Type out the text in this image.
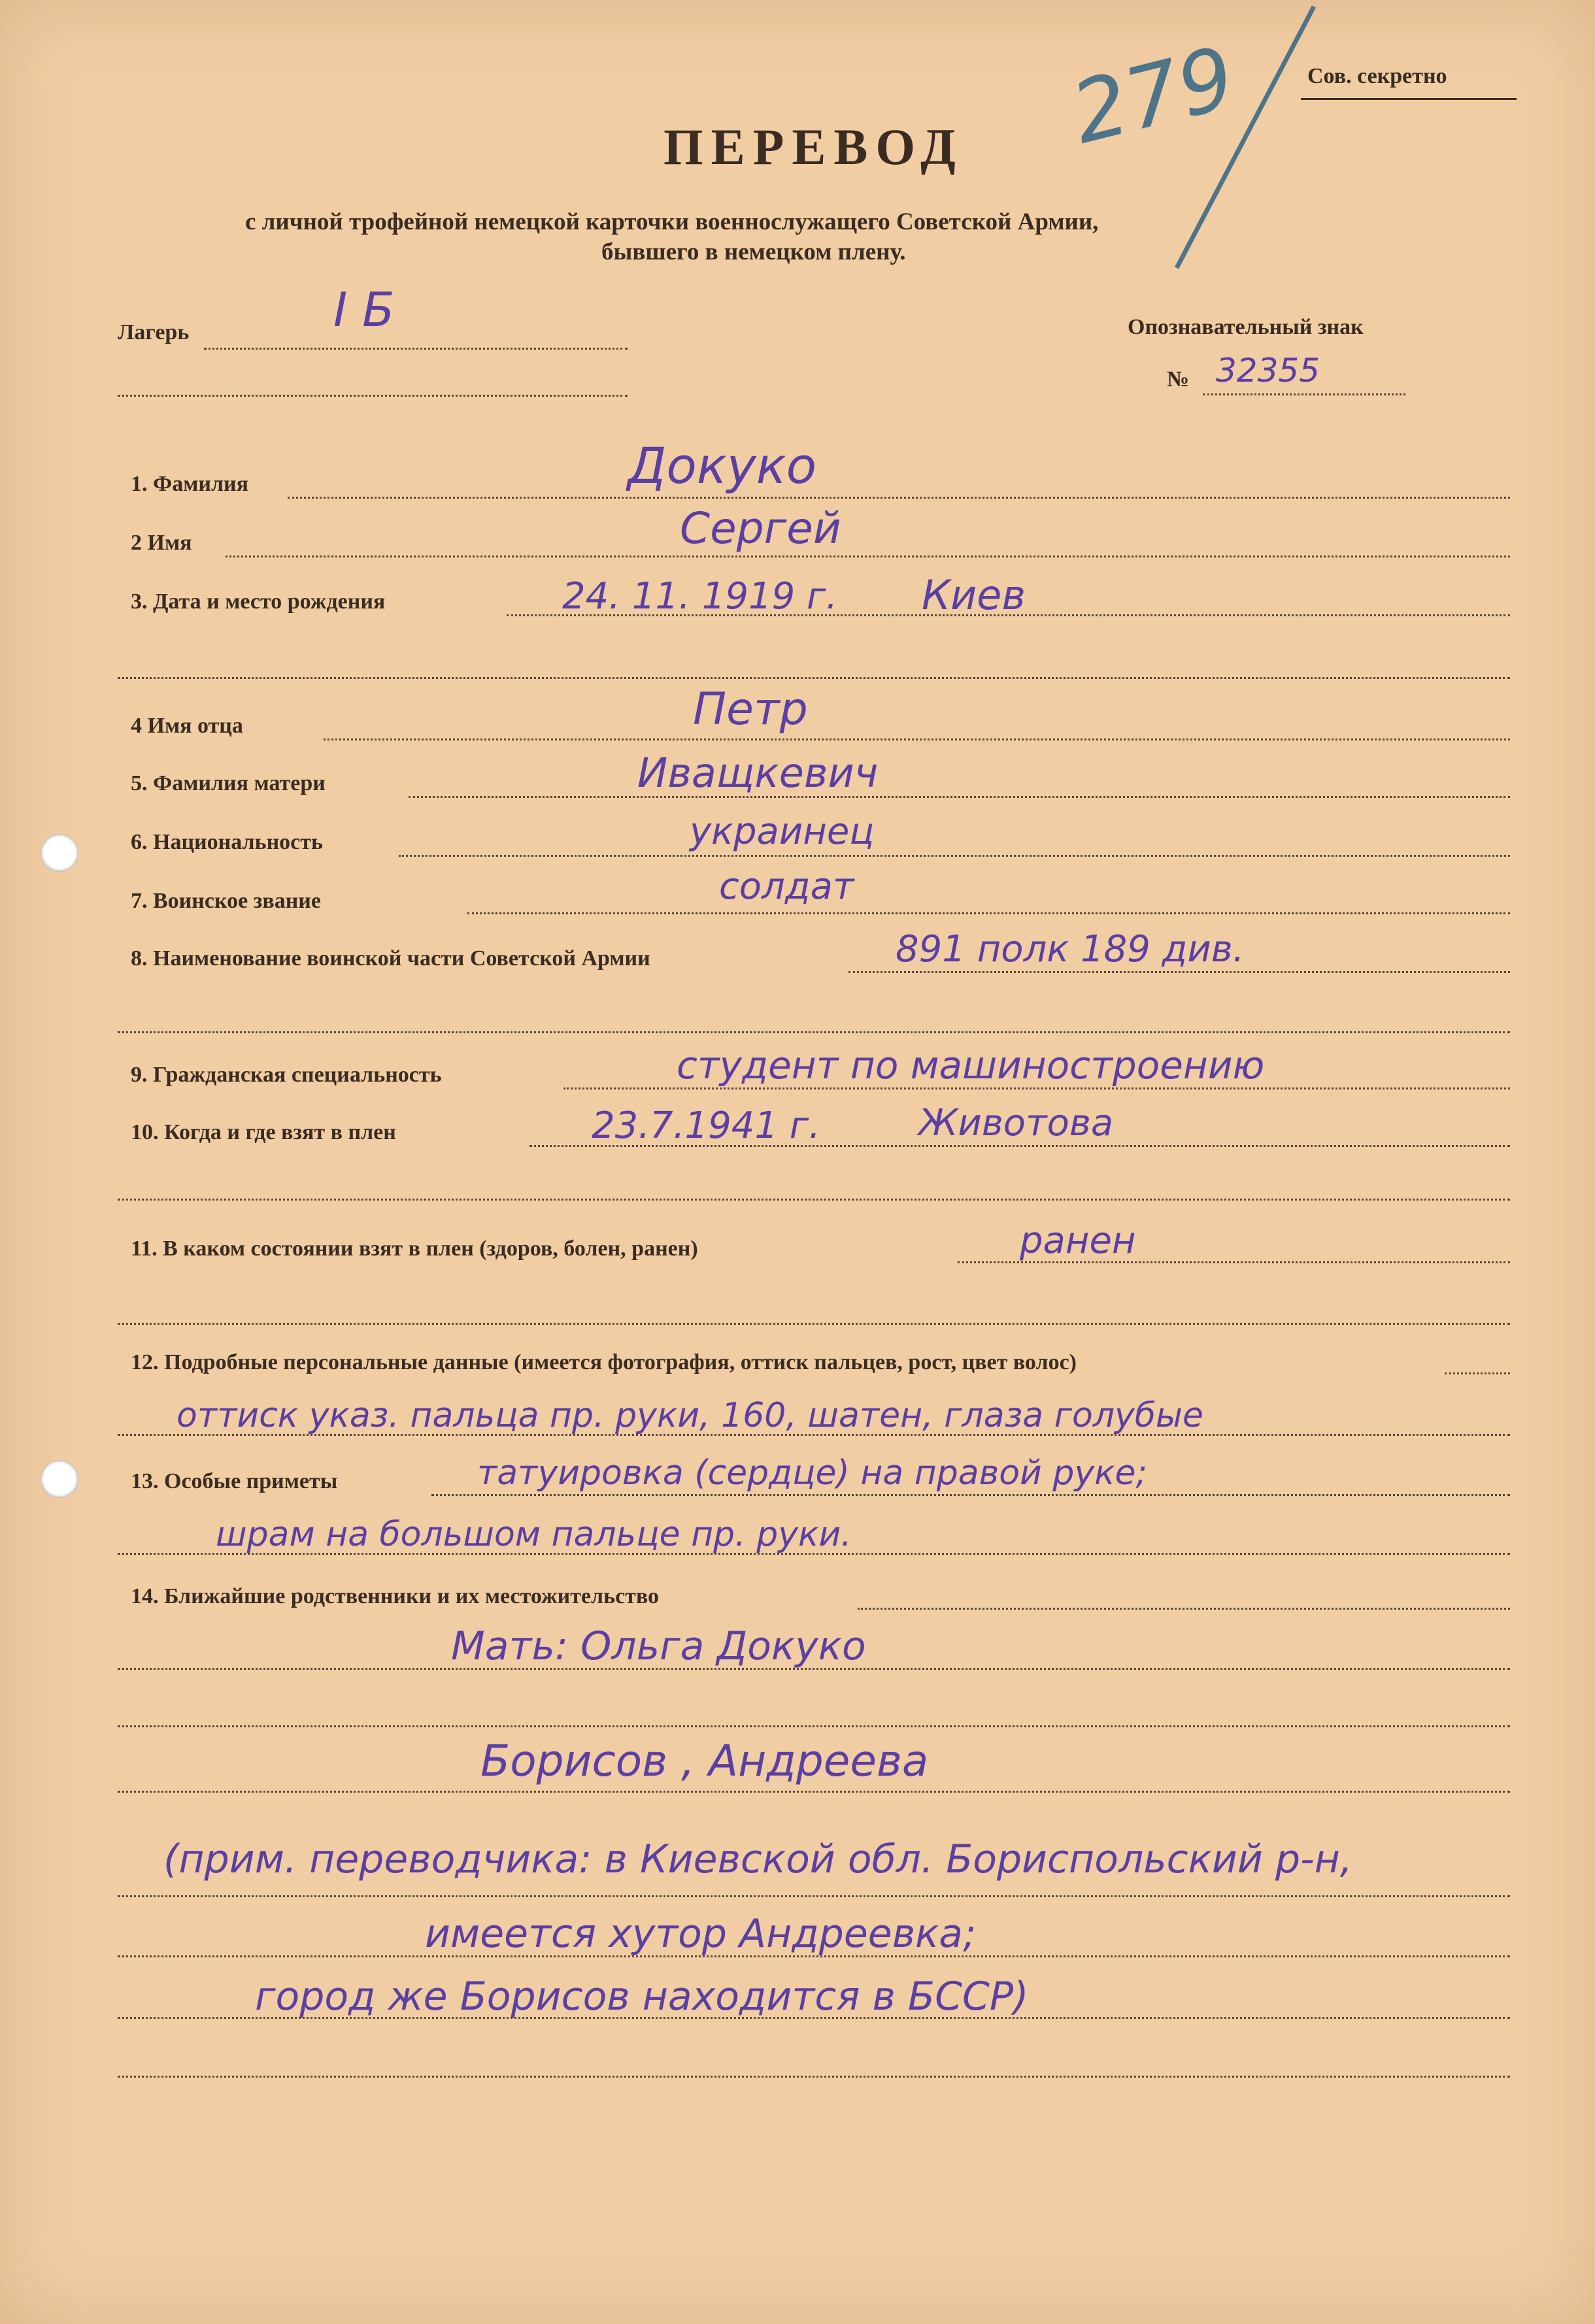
279	Сов. секретно
ПЕРЕВОД
с личной трофейной немецкой карточки военнослужащего Советской Армии,
бывшего в немецком плену.
Лагерь	I Б	Опознавательный знак
№ 32355
1. Фамилия	Докуко
2 Имя	Сергей
3. Дата и место рождения	24. 11. 1919 г. Киев
4 Имя отца	Петр
5. Фамилия матери	Иващкевич
6. Национальность	украинец
7. Воинское звание	солдат
8. Наименование воинской части Советской Армии	891 полк 189 див.
9. Гражданская специальность	студент по машиностроению
10. Когда и где взят в плен	23.7.1941 г.	Животова
11. В каком состоянии взят в плен (здоров, болен, ранен)	ранен
12. Подробные персональные данные (имеется фотография, оттиск пальцев, рост, цвет волос)
оттиск указ. пальца пр. руки, 160, шатен, глаза голубые
13. Особые приметы	татуировка (сердце) на правой руке;
шрам на большом пальце пр. руки.
14. Ближайшие родственники и их местожительство
Мать: Ольга Докуко
Борисов , Андреева
(прим. переводчика: в Киевской обл. Бориспольский р-н,
имеется хутор Андреевка;
город же Борисов находится в БССР)
